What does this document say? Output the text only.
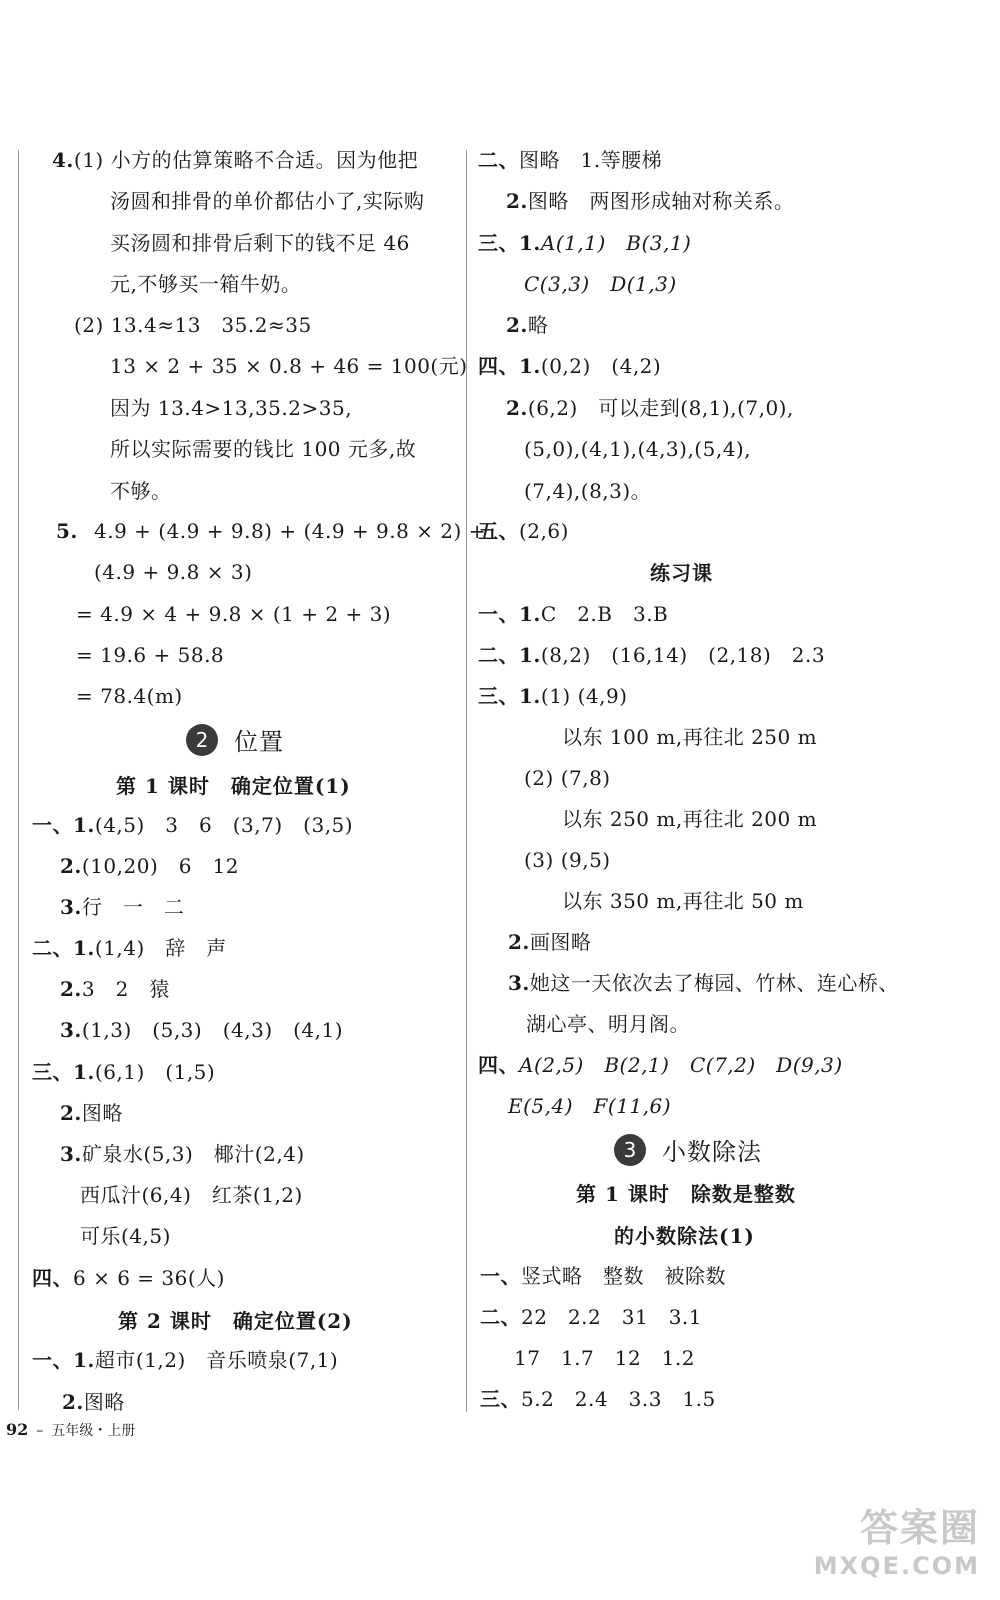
4.(1) 小方的估算策略不合适。因为他把
汤圆和排骨的单价都估小了,实际购
买汤圆和排骨后剩下的钱不足 46
元,不够买一箱牛奶。
(2) 13.4≈13　35.2≈35
13 × 2 + 35 × 0.8 + 46 = 100(元)
因为 13.4>13,35.2>35,
所以实际需要的钱比 100 元多,故
不够。
5. 4.9 + (4.9 + 9.8) + (4.9 + 9.8 × 2) +
(4.9 + 9.8 × 3)
= 4.9 × 4 + 9.8 × (1 + 2 + 3)
= 19.6 + 58.8
= 78.4(m)
2	位置
第 1 课时　确定位置(1)
一、1.(4,5)　3　6　(3,7)　(3,5)
2.(10,20)　6　12
3.行　一　二
二、1.(1,4)　辞　声
2.3　2　猿
3.(1,3)　(5,3)　(4,3)　(4,1)
三、1.(6,1)　(1,5)
2.图略
3.矿泉水(5,3)　椰汁(2,4)
西瓜汁(6,4)　红茶(1,2)
可乐(4,5)
四、6 × 6 = 36(人)
第 2 课时　确定位置(2)
一、1.超市(1,2)　音乐喷泉(7,1)
2.图略
二、图略　1.等腰梯
2.图略　两图形成轴对称关系。
三、1.A(1,1)　B(3,1)
C(3,3)　D(1,3)
2.略
四、1.(0,2)　(4,2)
2.(6,2)　可以走到(8,1),(7,0),
(5,0),(4,1),(4,3),(5,4),
(7,4),(8,3)。
五、(2,6)
练习课
一、1.C　2.B　3.B
二、1.(8,2)　(16,14)　(2,18)　2.3
三、1.(1) (4,9)
以东 100 m,再往北 250 m
(2) (7,8)
以东 250 m,再往北 200 m
(3) (9,5)
以东 350 m,再往北 50 m
2.画图略
3.她这一天依次去了梅园、竹林、连心桥、
湖心亭、明月阁。
四、A(2,5)　B(2,1)　C(7,2)　D(9,3)
E(5,4)　F(11,6)
3	小数除法
第 1 课时　除数是整数
的小数除法(1)
一、竖式略　整数　被除数
二、22　2.2　31　3.1
17　1.7　12　1.2
三、5.2　2.4　3.3　1.5
92 – 五年级・上册
答案圈
MXQE.COM
